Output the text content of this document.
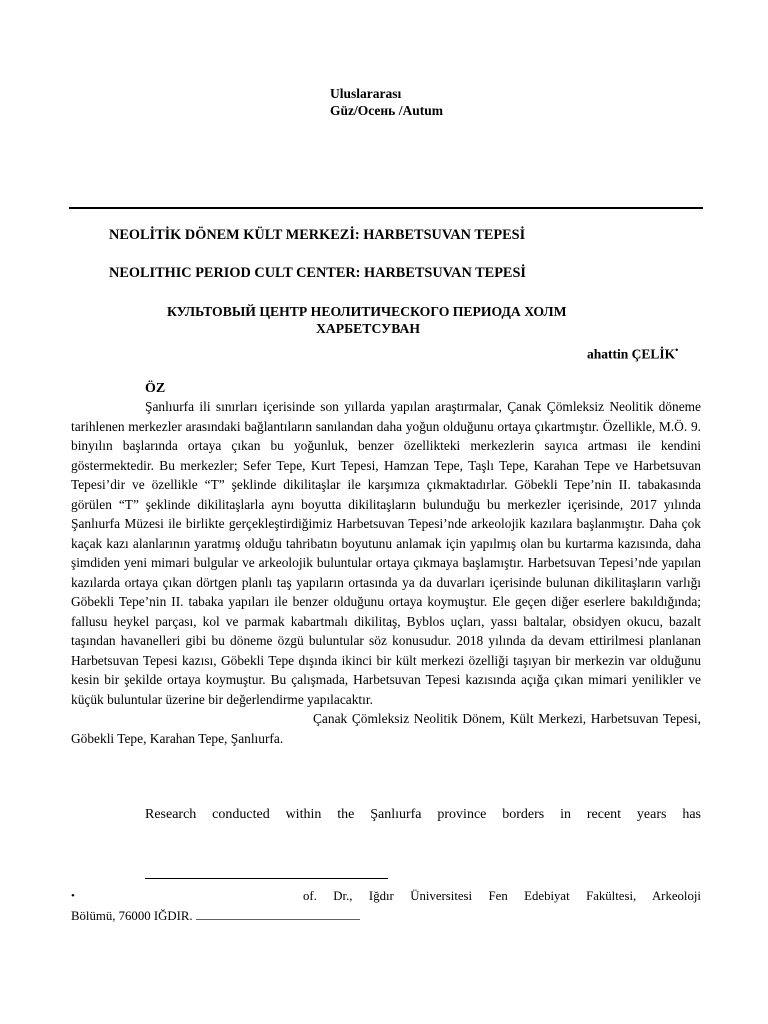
Uluslararası
Güz/Осень /Autum
NEOLİTİK DÖNEM KÜLT MERKEZİ: HARBETSUVAN TEPESİ
NEOLITHIC PERIOD CULT CENTER: HARBETSUVAN TEPESİ
КУЛЬТОВЫЙ ЦЕНТР НЕОЛИТИЧЕСКОГО ПЕРИОДА ХОЛМ
ХАРБЕТСУВАН
ahattin ÇELİK•
ÖZ

Şanlıurfa ili sınırları içerisinde son yıllarda yapılan araştırmalar, Çanak Çömleksiz Neolitik döneme tarihlenen merkezler arasındaki bağlantıların sanılandan daha yoğun olduğunu ortaya çıkartmıştır. Özellikle, M.Ö. 9. binyılın başlarında ortaya çıkan bu yoğunluk, benzer özellikteki merkezlerin sayıca artması ile kendini göstermektedir. Bu merkezler; Sefer Tepe, Kurt Tepesi, Hamzan Tepe, Taşlı Tepe, Karahan Tepe ve Harbetsuvan Tepesi’dir ve özellikle “T” şeklinde dikilitaşlar ile karşımıza çıkmaktadırlar. Göbekli Tepe’nin II. tabakasında görülen “T” şeklinde dikilitaşlarla aynı boyutta dikilitaşların bulunduğu bu merkezler içerisinde, 2017 yılında Şanlıurfa Müzesi ile birlikte gerçekleştirdiğimiz Harbetsuvan Tepesi’nde arkeolojik kazılara başlanmıştır. Daha çok kaçak kazı alanlarının yaratmış olduğu tahribatın boyutunu anlamak için yapılmış olan bu kurtarma kazısında, daha şimdiden yeni mimari bulgular ve arkeolojik buluntular ortaya çıkmaya başlamıştır. Harbetsuvan Tepesi’nde yapılan kazılarda ortaya çıkan dörtgen planlı taş yapıların ortasında ya da duvarları içerisinde bulunan dikilitaşların varlığı Göbekli Tepe’nin II. tabaka yapıları ile benzer olduğunu ortaya koymuştur. Ele geçen diğer eserlere bakıldığında; fallusu heykel parçası, kol ve parmak kabartmalı dikilitaş, Byblos uçları, yassı baltalar, obsidyen okucu, bazalt taşından havanelleri gibi bu döneme özgü buluntular söz konusudur. 2018 yılında da devam ettirilmesi planlanan Harbetsuvan Tepesi kazısı, Göbekli Tepe dışında ikinci bir kült merkezi özelliği taşıyan bir merkezin var olduğunu kesin bir şekilde ortaya koymuştur. Bu çalışmada, Harbetsuvan Tepesi kazısında açığa çıkan mimari yenilikler ve küçük buluntular üzerine bir değerlendirme yapılacaktır.

Çanak Çömleksiz Neolitik Dönem, Kült Merkezi, Harbetsuvan Tepesi, Göbekli Tepe, Karahan Tepe, Şanlıurfa.

Research conducted within the Şanlıurfa province borders in recent years has
•	of. Dr., Iğdır Üniversitesi Fen Edebiyat Fakültesi, Arkeoloji
Bölümü, 76000 IĞDIR.
